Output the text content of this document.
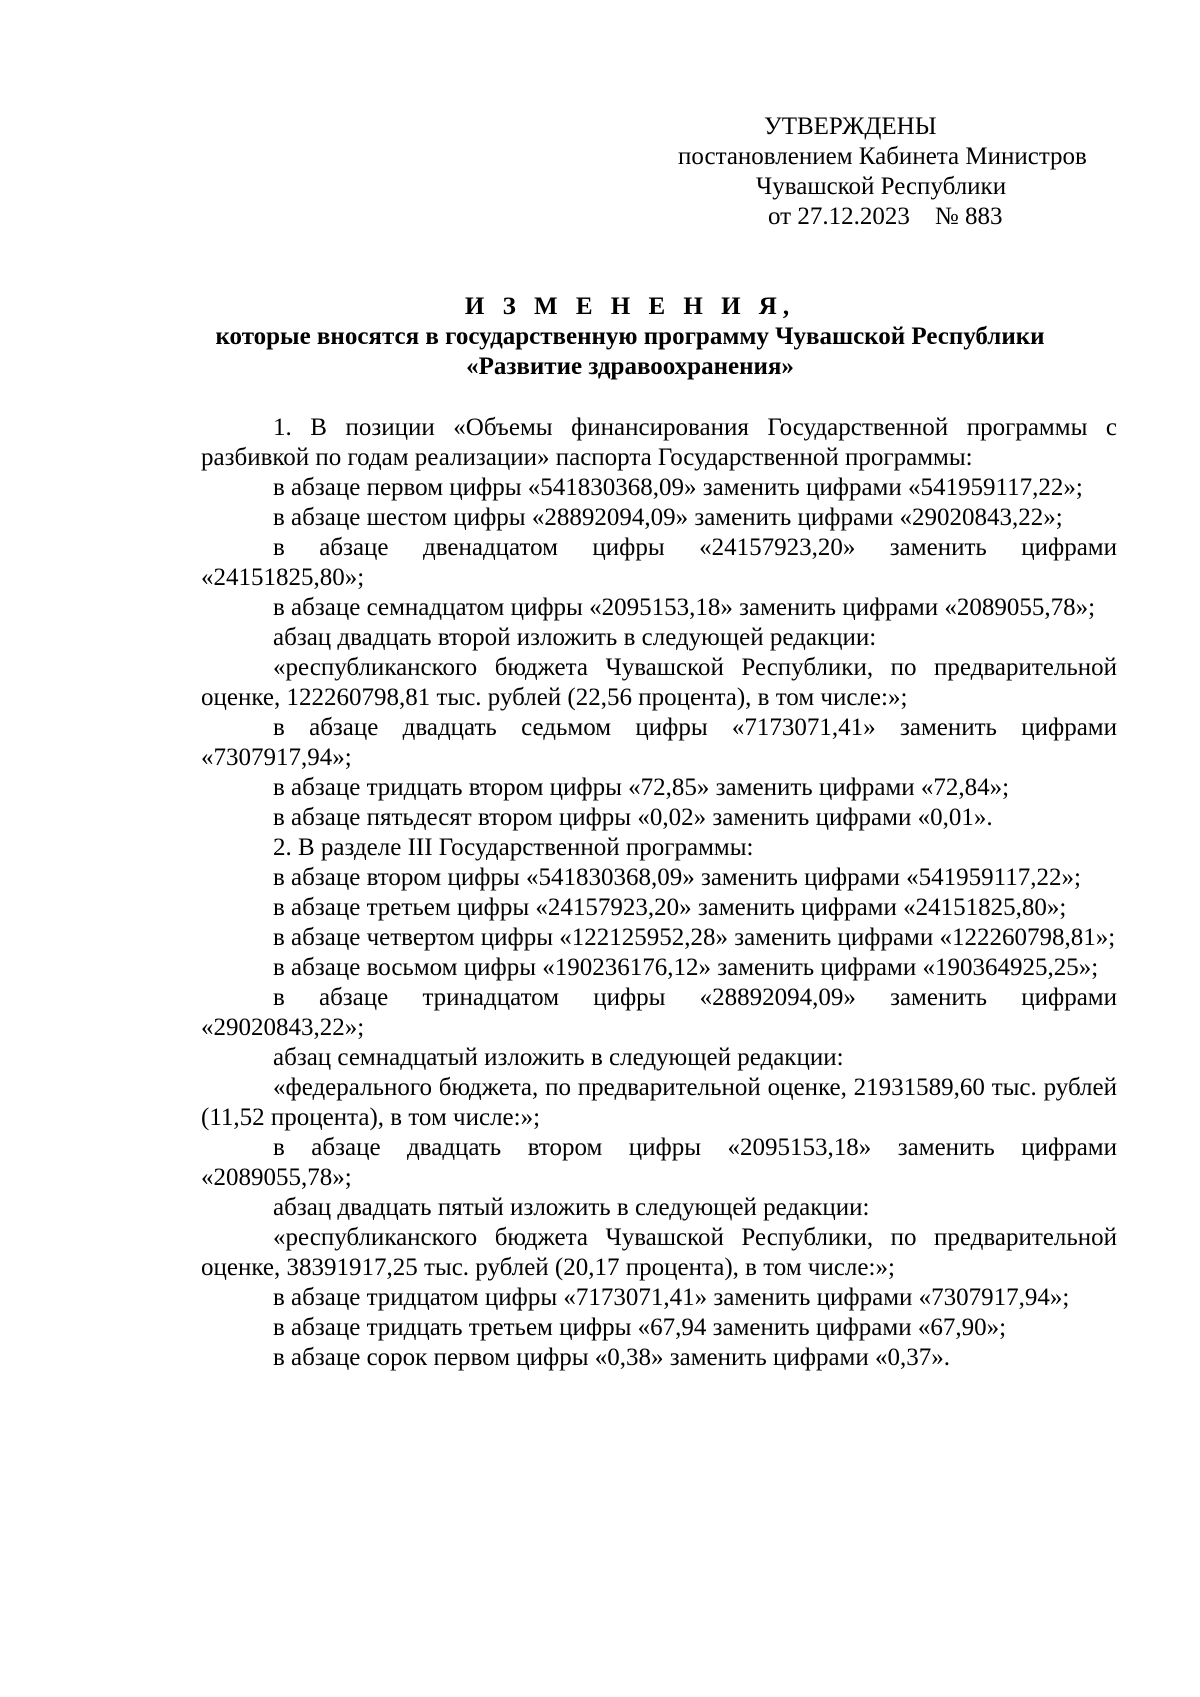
УТВЕРЖДЕНЫ
постановлением Кабинета Министров
Чувашской Республики
от 27.12.2023    № 883
И З М Е Н Е Н И Я,
которые вносятся в государственную программу Чувашской Республики
«Развитие здравоохранения»

1. В позиции «Объемы финансирования Государственной программы с разбивкой по годам реализации» паспорта Государственной программы:

в абзаце первом цифры «541830368,09» заменить цифрами «541959117,22»;

в абзаце шестом цифры «28892094,09» заменить цифрами «29020843,22»;

в абзаце двенадцатом цифры «24157923,20» заменить цифрами «24151825,80»;

в абзаце семнадцатом цифры «2095153,18» заменить цифрами «2089055,78»;

абзац двадцать второй изложить в следующей редакции:

«республиканского бюджета Чувашской Республики, по предварительной оценке, 122260798,81 тыс. рублей (22,56 процента), в том числе:»;

в абзаце двадцать седьмом цифры «7173071,41» заменить цифрами «7307917,94»;

в абзаце тридцать втором цифры «72,85» заменить цифрами «72,84»;

в абзаце пятьдесят втором цифры «0,02» заменить цифрами «0,01».

2. В разделе III Государственной программы:

в абзаце втором цифры «541830368,09» заменить цифрами «541959117,22»;

в абзаце третьем цифры «24157923,20» заменить цифрами «24151825,80»;

в абзаце четвертом цифры «122125952,28» заменить цифрами «122260798,81»;

в абзаце восьмом цифры «190236176,12» заменить цифрами «190364925,25»;

в абзаце тринадцатом цифры «28892094,09» заменить цифрами «29020843,22»;

абзац семнадцатый изложить в следующей редакции:

«федерального бюджета, по предварительной оценке, 21931589,60 тыс. рублей (11,52 процента), в том числе:»;

в абзаце двадцать втором цифры «2095153,18» заменить цифрами «2089055,78»;

абзац двадцать пятый изложить в следующей редакции:

«республиканского бюджета Чувашской Республики, по предварительной оценке, 38391917,25 тыс. рублей (20,17 процента), в том числе:»;

в абзаце тридцатом цифры «7173071,41» заменить цифрами «7307917,94»;

в абзаце тридцать третьем цифры «67,94 заменить цифрами «67,90»;

в абзаце сорок первом цифры «0,38» заменить цифрами «0,37».
